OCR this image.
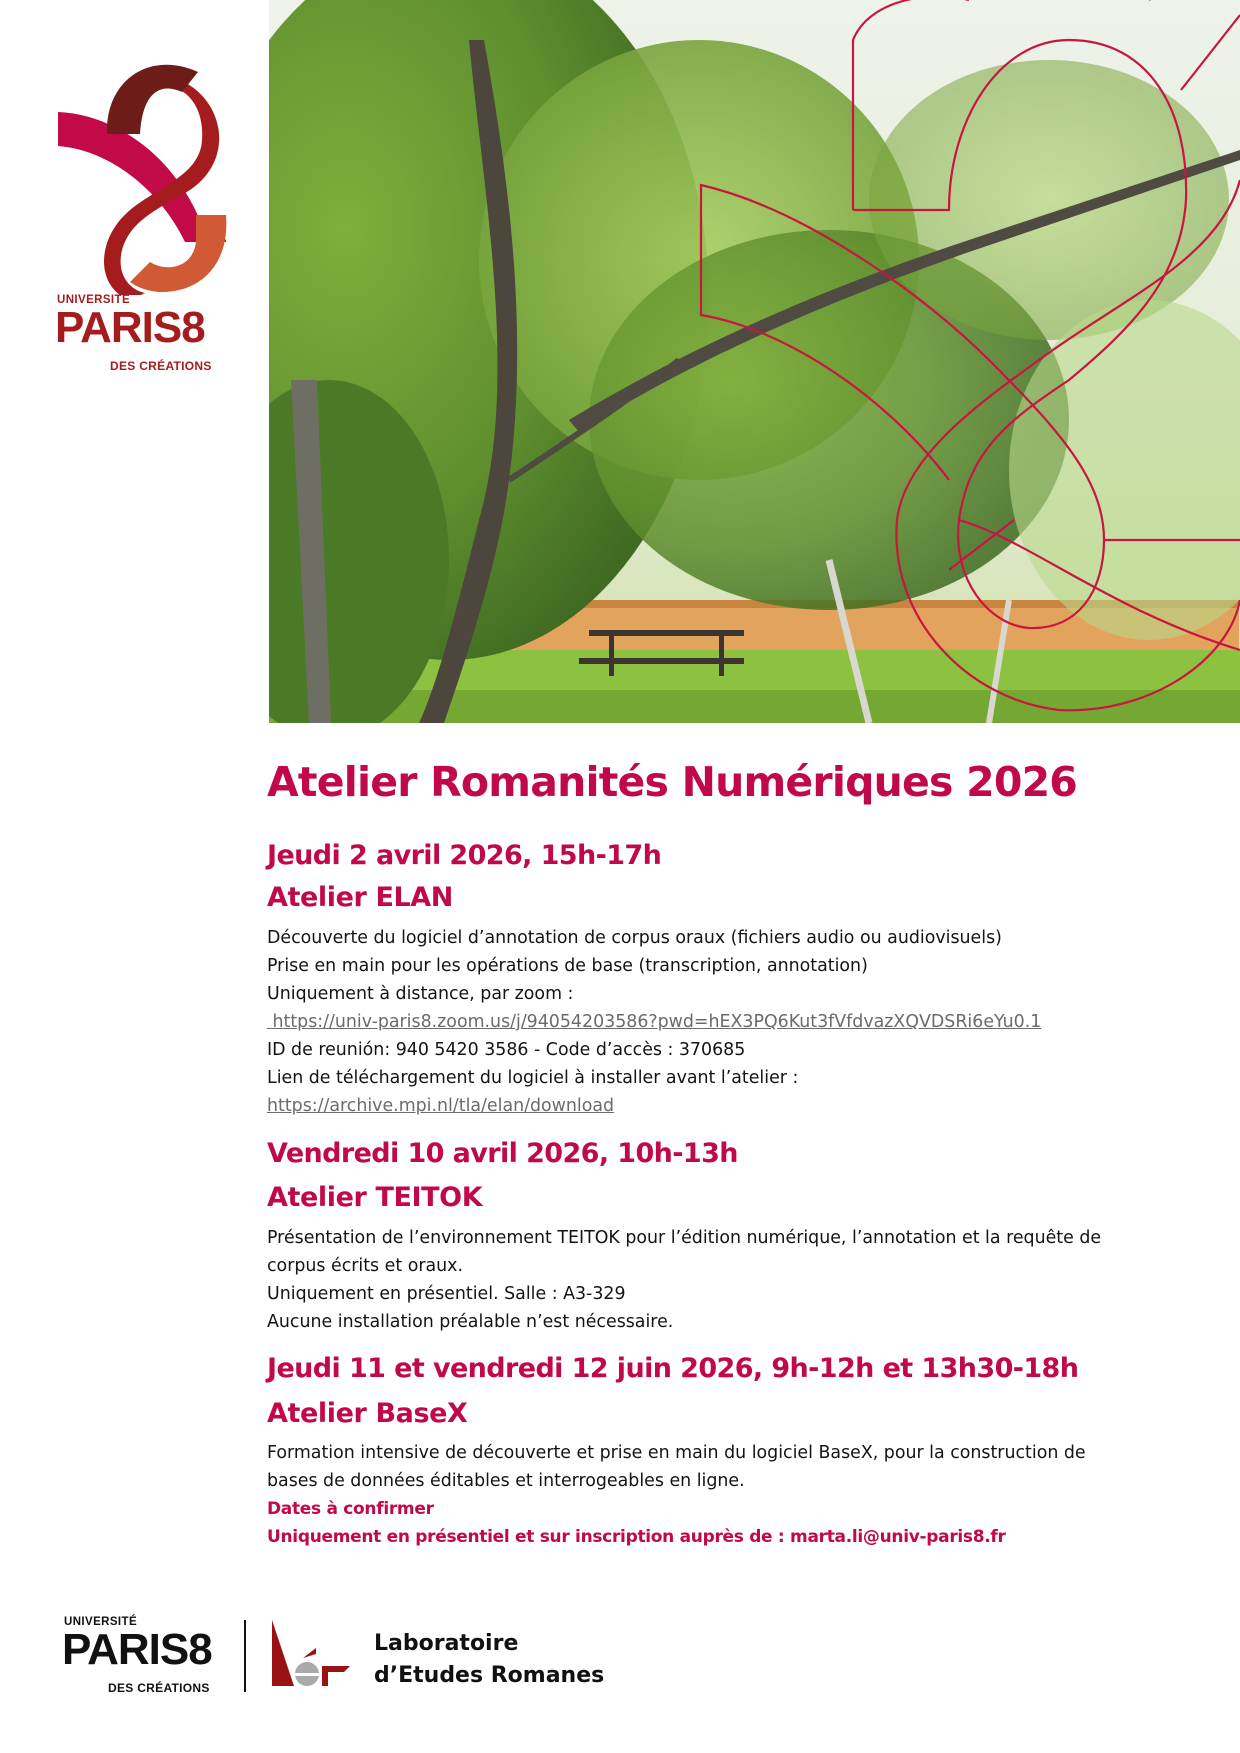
UNIVERSITÉ
PARIS8
DES CRÉATIONS
Atelier Romanités Numériques 2026
Jeudi 2 avril 2026, 15h-17h
Atelier ELAN
Découverte du logiciel d’annotation de corpus oraux (fichiers audio ou audiovisuels)
Prise en main pour les opérations de base (transcription, annotation)
Uniquement à distance, par zoom :
https://univ-paris8.zoom.us/j/94054203586?pwd=hEX3PQ6Kut3fVfdvazXQVDSRi6eYu0.1
ID de reunión: 940 5420 3586 - Code d’accès : 370685
Lien de téléchargement du logiciel à installer avant l’atelier :
https://archive.mpi.nl/tla/elan/download
Vendredi 10 avril 2026, 10h-13h
Atelier TEITOK
Présentation de l’environnement TEITOK pour l’édition numérique, l’annotation et la requête de
corpus écrits et oraux.
Uniquement en présentiel. Salle : A3-329
Aucune installation préalable n’est nécessaire.
Jeudi 11 et vendredi 12 juin 2026, 9h-12h et 13h30-18h
Atelier BaseX
Formation intensive de découverte et prise en main du logiciel BaseX, pour la construction de
bases de données éditables et interrogeables en ligne.
Dates à confirmer
Uniquement en présentiel et sur inscription auprès de : marta.li@univ-paris8.fr
UNIVERSITÉ
PARIS8
DES CRÉATIONS
Laboratoire
d’Etudes Romanes
